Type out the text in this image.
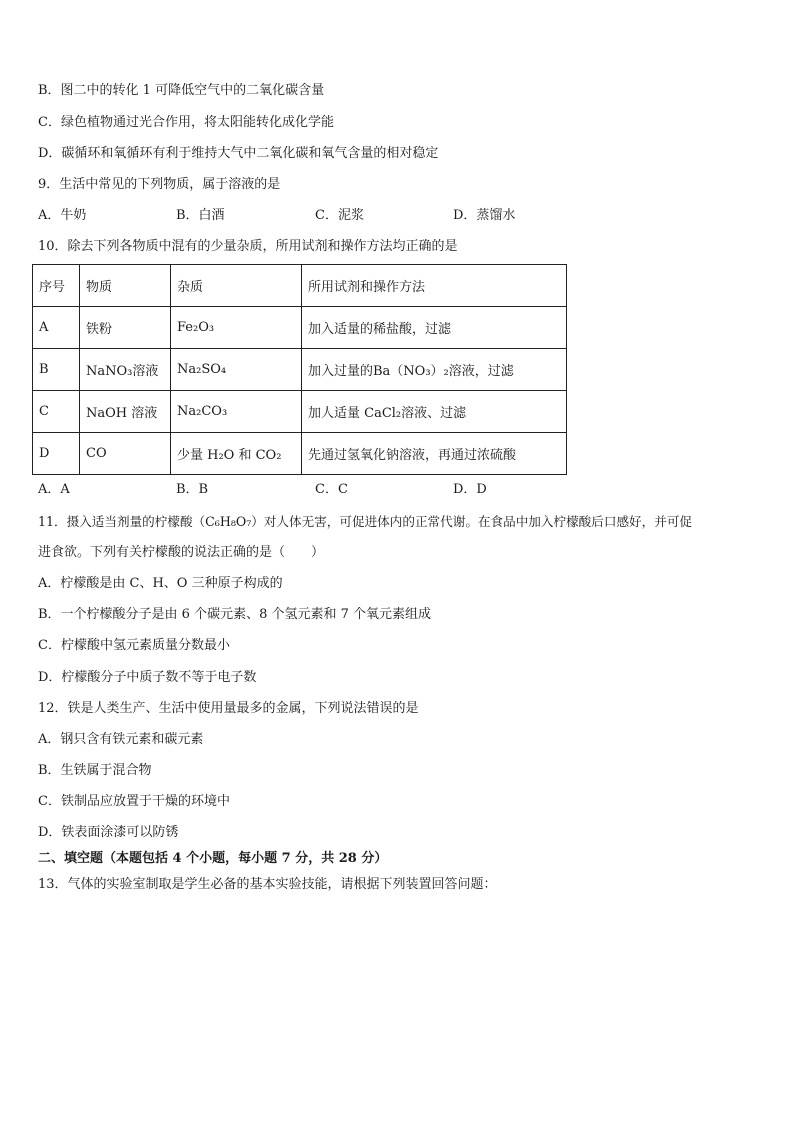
B．图二中的转化 1 可降低空气中的二氧化碳含量
C．绿色植物通过光合作用，将太阳能转化成化学能
D．碳循环和氧循环有利于维持大气中二氧化碳和氧气含量的相对稳定
9．生活中常见的下列物质，属于溶液的是
A．牛奶	B．白酒	C．泥浆	D．蒸馏水
10．除去下列各物质中混有的少量杂质，所用试剂和操作方法均正确的是
序号	物质	杂质	所用试剂和操作方法
A	铁粉	Fe₂O₃	加入适量的稀盐酸，过滤
B	NaNO₃溶液	Na₂SO₄	加入过量的Ba（NO₃）₂溶液，过滤
C	NaOH 溶液	Na₂CO₃	加人适量 CaCl₂溶液、过滤
D	CO	少量 H₂O 和 CO₂	先通过氢氧化钠溶液，再通过浓硫酸
A．A	B．B	C．C	D．D
11．摄入适当剂量的柠檬酸（C₆H₈O₇）对人体无害，可促进体内的正常代谢。在食品中加入柠檬酸后口感好，并可促
进食欲。下列有关柠檬酸的说法正确的是（　　）
A．柠檬酸是由 C、H、O 三种原子构成的
B．一个柠檬酸分子是由 6 个碳元素、8 个氢元素和 7 个氧元素组成
C．柠檬酸中氢元素质量分数最小
D．柠檬酸分子中质子数不等于电子数
12．铁是人类生产、生活中使用量最多的金属，下列说法错误的是
A．钢只含有铁元素和碳元素
B．生铁属于混合物
C．铁制品应放置于干燥的环境中
D．铁表面涂漆可以防锈
二、填空题（本题包括 4 个小题，每小题 7 分，共 28 分）
13．气体的实验室制取是学生必备的基本实验技能，请根据下列装置回答问题：
